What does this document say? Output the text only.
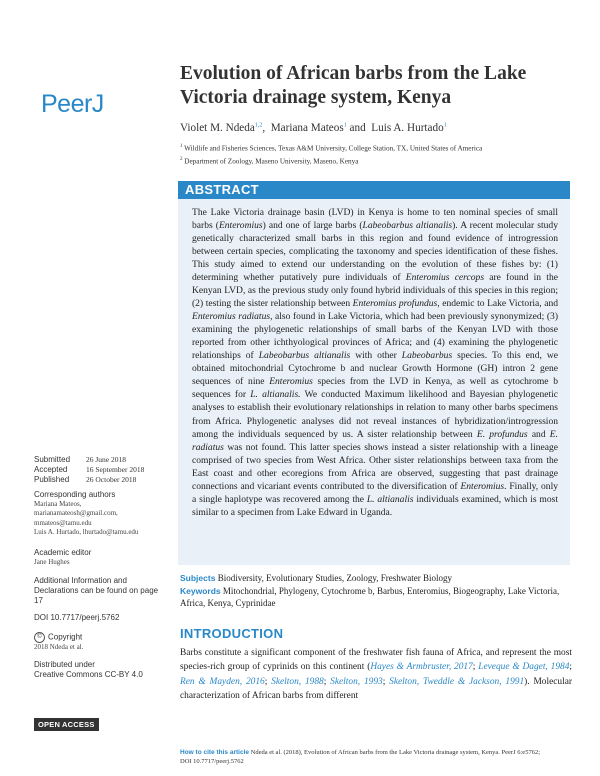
PeerJ
Evolution of African barbs from the Lake Victoria drainage system, Kenya
Violet M. Ndeda$^{1,2}$,  Mariana Mateos$^1$ and  Luis A. Hurtado$^1$
$^1$ Wildlife and Fisheries Sciences, Texas A&M University, College Station, TX, United States of America
$^2$ Department of Zoology, Maseno University, Maseno, Kenya
ABSTRACT
The Lake Victoria drainage basin (LVD) in Kenya is home to ten nominal species of small barbs (Enteromius) and one of large barbs (Labeobarbus altianalis). A recent molecular study genetically characterized small barbs in this region and found evidence of introgression between certain species, complicating the taxonomy and species identification of these fishes. This study aimed to extend our understanding on the evolution of these fishes by: (1) determining whether putatively pure individuals of Enteromius cercops are found in the Kenyan LVD, as the previous study only found hybrid individuals of this species in this region; (2) testing the sister relationship between Enteromius profundus, endemic to Lake Victoria, and Enteromius radiatus, also found in Lake Victoria, which had been previously synonymized; (3) examining the phylogenetic relationships of small barbs of the Kenyan LVD with those reported from other ichthyological provinces of Africa; and (4) examining the phylogenetic relationships of Labeobarbus altianalis with other Labeobarbus species. To this end, we obtained mitochondrial Cytochrome b and nuclear Growth Hormone (GH) intron 2 gene sequences of nine Enteromius species from the LVD in Kenya, as well as cytochrome b sequences for L. altianalis. We conducted Maximum likelihood and Bayesian phylogenetic analyses to establish their evolutionary relationships in relation to many other barbs specimens from Africa. Phylogenetic analyses did not reveal instances of hybridization/introgression among the individuals sequenced by us. A sister relationship between E. profundus and E. radiatus was not found. This latter species shows instead a sister relationship with a lineage comprised of two species from West Africa. Other sister relationships between taxa from the East coast and other ecoregions from Africa are observed, suggesting that past drainage connections and vicariant events contributed to the diversification of Enteromius. Finally, only a single haplotype was recovered among the L. altianalis individuals examined, which is most similar to a specimen from Lake Edward in Uganda.
Subjects Biodiversity, Evolutionary Studies, Zoology, Freshwater Biology
Keywords Mitochondrial, Phylogeny, Cytochrome b, Barbus, Enteromius, Biogeography, Lake Victoria, Africa, Kenya, Cyprinidae
INTRODUCTION
Barbs constitute a significant component of the freshwater fish fauna of Africa, and represent the most species-rich group of cyprinids on this continent (Hayes & Armbruster, 2017; Leveque & Daget, 1984; Ren & Mayden, 2016; Skelton, 1988; Skelton, 1993; Skelton, Tweddle & Jackson, 1991). Molecular characterization of African barbs from different
Submitted 26 June 2018
Accepted 16 September 2018
Published 26 October 2018
Corresponding authors
Mariana Mateos,
marianamateosh@gmail.com,
mmateos@tamu.edu
Luis A. Hurtado, lhurtado@tamu.edu
Academic editor
Jane Hughes
Additional Information and Declarations can be found on page 17
DOI 10.7717/peerj.5762
© Copyright
2018 Ndeda et al.
Distributed under
Creative Commons CC-BY 4.0
OPEN ACCESS
How to cite this article Ndeda et al. (2018), Evolution of African barbs from the Lake Victoria drainage system, Kenya. PeerJ 6:e5762;
DOI 10.7717/peerj.5762
